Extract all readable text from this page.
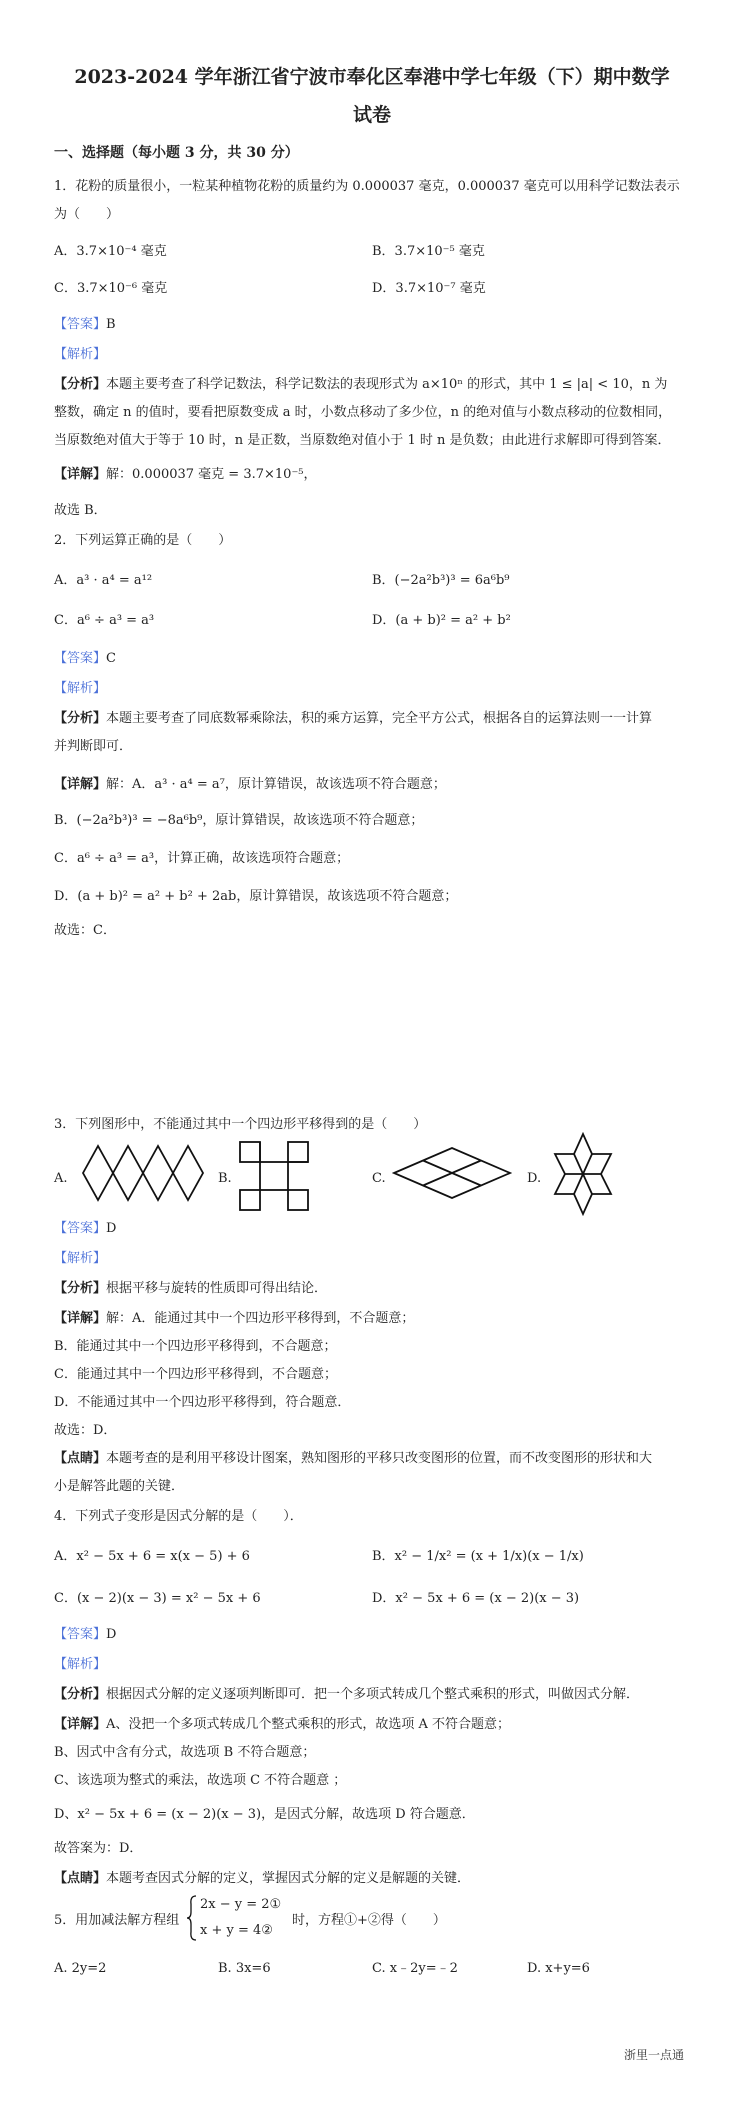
2023-2024 学年浙江省宁波市奉化区奉港中学七年级（下）期中数学
试卷
一、选择题（每小题 3 分，共 30 分）
1．花粉的质量很小，一粒某种植物花粉的质量约为 0.000037 毫克，0.000037 毫克可以用科学记数法表示
为（　　）
A．3.7×10⁻⁴ 毫克	B．3.7×10⁻⁵ 毫克
C．3.7×10⁻⁶ 毫克	D．3.7×10⁻⁷ 毫克
【答案】B
【解析】
【分析】本题主要考查了科学记数法，科学记数法的表现形式为 a×10ⁿ 的形式，其中 1 ≤ |a| < 10，n 为
整数，确定 n 的值时，要看把原数变成 a 时，小数点移动了多少位，n 的绝对值与小数点移动的位数相同，
当原数绝对值大于等于 10 时，n 是正数，当原数绝对值小于 1 时 n 是负数；由此进行求解即可得到答案．
【详解】解：0.000037 毫克 = 3.7×10⁻⁵，
故选 B．
2．下列运算正确的是（　　）
A．a³ · a⁴ = a¹²	B．(−2a²b³)³ = 6a⁶b⁹
C．a⁶ ÷ a³ = a³	D．(a + b)² = a² + b²
【答案】C
【解析】
【分析】本题主要考查了同底数幂乘除法，积的乘方运算，完全平方公式，根据各自的运算法则一一计算
并判断即可．
【详解】解：A．a³ · a⁴ = a⁷，原计算错误，故该选项不符合题意；
B．(−2a²b³)³ = −8a⁶b⁹，原计算错误，故该选项不符合题意；
C．a⁶ ÷ a³ = a³，计算正确，故该选项符合题意；
D．(a + b)² = a² + b² + 2ab，原计算错误，故该选项不符合题意；
故选：C．
3．下列图形中，不能通过其中一个四边形平移得到的是（　　）
A.	B.	C.	D.
【答案】D
【解析】
【分析】根据平移与旋转的性质即可得出结论．
【详解】解：A．能通过其中一个四边形平移得到，不合题意；
B．能通过其中一个四边形平移得到，不合题意；
C．能通过其中一个四边形平移得到，不合题意；
D．不能通过其中一个四边形平移得到，符合题意．
故选：D．
【点睛】本题考查的是利用平移设计图案，熟知图形的平移只改变图形的位置，而不改变图形的形状和大
小是解答此题的关键．
4．下列式子变形是因式分解的是（　　）．
A．x² − 5x + 6 = x(x − 5) + 6	B．x² − 1/x² = (x + 1/x)(x − 1/x)
C．(x − 2)(x − 3) = x² − 5x + 6	D．x² − 5x + 6 = (x − 2)(x − 3)
【答案】D
【解析】
【分析】根据因式分解的定义逐项判断即可．把一个多项式转成几个整式乘积的形式，叫做因式分解．
【详解】A、没把一个多项式转成几个整式乘积的形式，故选项 A 不符合题意；
B、因式中含有分式，故选项 B 不符合题意；
C、该选项为整式的乘法，故选项 C 不符合题意 ；
D、x² − 5x + 6 = (x − 2)(x − 3)，是因式分解，故选项 D 符合题意．
故答案为：D．
【点睛】本题考查因式分解的定义，掌握因式分解的定义是解题的关键．
5．用加减法解方程组
2x − y = 2①
x + y = 4②
时，方程①+②得（　　）
A. 2y=2	B. 3x=6	C. x﹣2y=﹣2	D. x+y=6
浙里一点通
